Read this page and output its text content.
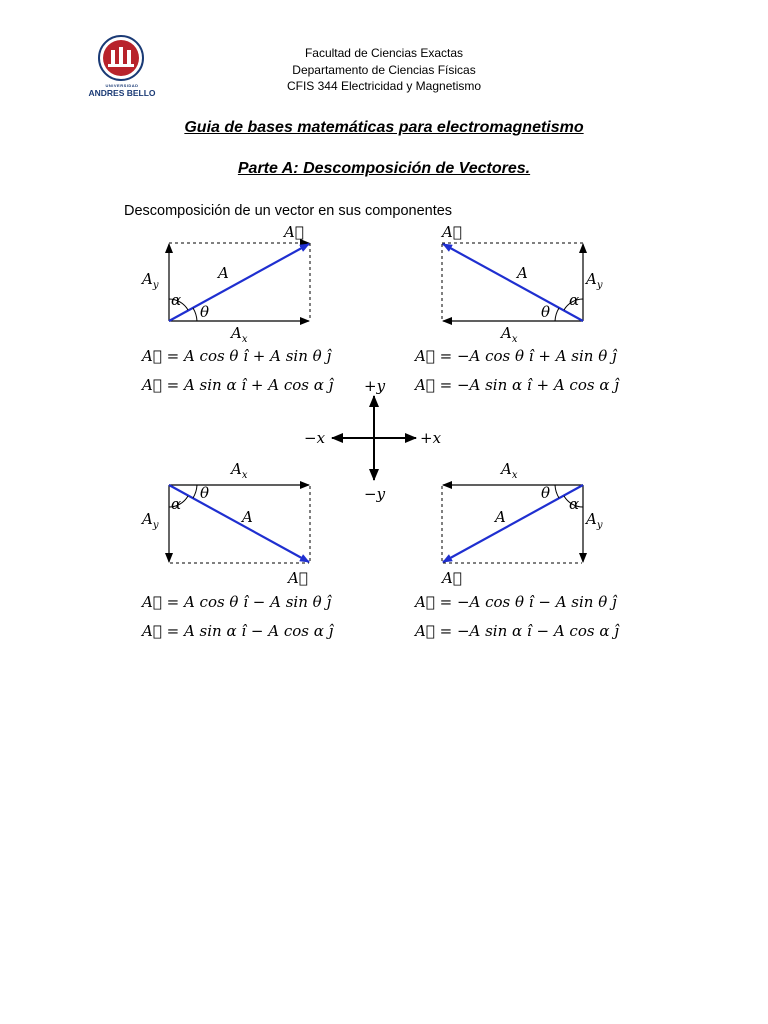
UNIVERSIDAD
ANDRES BELLO
Facultad de Ciencias Exactas
Departamento de Ciencias Físicas
CFIS 344 Electricidad y Magnetismo
Guia de bases matemáticas para electromagnetismo
Parte A: Descomposición de Vectores.
Descomposición de un vector en sus componentes
A⃗
A
$A_x$
$A_y$
α
θ
A⃗ = A cos θ î + A sin θ ĵ
A⃗ = A sin α î + A cos α ĵ
A⃗
A
$A_x$
$A_y$
α
θ
A⃗ = −A cos θ î + A sin θ ĵ
A⃗ = −A sin α î + A cos α ĵ
+y
−y
+x
−x
$A_x$
$A_y$	A
α
θ
A⃗
A⃗ = A cos θ î − A sin θ ĵ
A⃗ = A sin α î − A cos α ĵ
$A_x$
$A_y$
A
α
θ
A⃗
A⃗ = −A cos θ î − A sin θ ĵ
A⃗ = −A sin α î − A cos α ĵ
